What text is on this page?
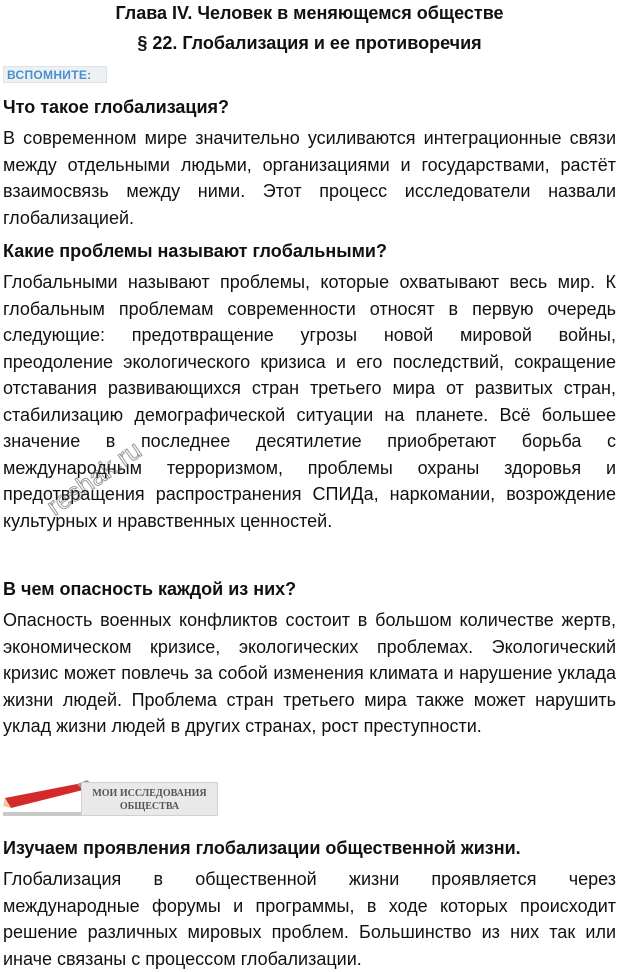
Глава IV. Человек в меняющемся обществе
§ 22. Глобализация и ее противоречия
ВСПОМНИТЕ:

Что такое глобализация?

В современном мире значительно усиливаются интеграционные связи между отдельными людьми, организациями и государствами, растёт взаимосвязь между ними. Этот процесс исследователи назвали глобализацией.

Какие проблемы называют глобальными?

Глобальными называют проблемы, которые охватывают весь мир. К глобальным проблемам современности относят в первую очередь следующие: предотвращение угрозы новой мировой войны, преодоление экологического кризиса и его последствий, сокращение отставания развивающихся стран третьего мира от развитых стран, стабилизацию демографической ситуации на планете. Всё большее значение в последнее десятилетие приобретают борьба с международным терроризмом, проблемы охраны здоровья и предотвращения распространения СПИДа, наркомании, возрождение культурных и нравственных ценностей.

В чем опасность каждой из них?

Опасность военных конфликтов состоит в большом количестве жертв, экономическом кризисе, экологических проблемах. Экологический кризис может повлечь за собой изменения климата и нарушение уклада жизни людей. Проблема стран третьего мира также может нарушить уклад жизни людей в других странах, рост преступности.

МОИ ИССЛЕДОВАНИЯ
ОБЩЕСТВА

Изучаем проявления глобализации общественной жизни.

Глобализация в общественной жизни проявляется через международные форумы и программы, в ходе которых происходит решение различных мировых проблем. Большинство из них так или иначе связаны с процессом глобализации.

reshak.ru
